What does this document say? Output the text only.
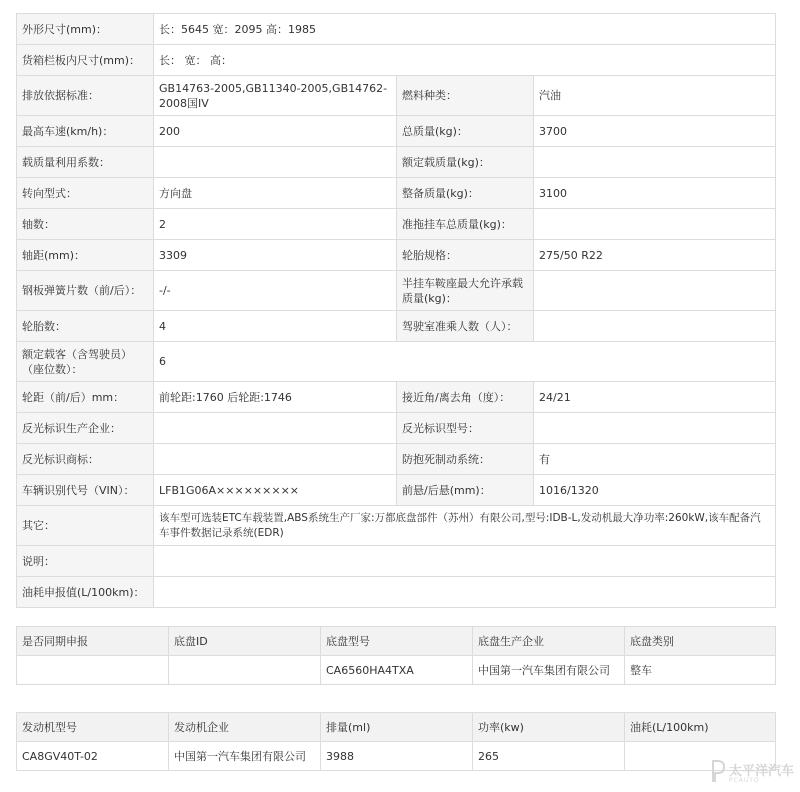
外形尺寸(mm)：	长：5645 宽：2095 高：1985		
货箱栏板内尺寸(mm)：	长： 宽： 高：		
排放依据标准：	GB14763-2005,GB11340-2005,GB14762-2008国IV	燃料种类：	汽油
最高车速(km/h)：	200	总质量(kg)：	3700
载质量利用系数：		额定载质量(kg)：	
转向型式：	方向盘	整备质量(kg)：	3100
轴数：	2	准拖挂车总质量(kg)：	
轴距(mm)：	3309	轮胎规格：	275/50 R22
钢板弹簧片数（前/后）：	-/-	半挂车鞍座最大允许承载质量(kg)：	
轮胎数：	4	驾驶室准乘人数（人）：	
额定载客（含驾驶员）（座位数）：	6		
轮距（前/后）mm：	前轮距:1760 后轮距:1746	接近角/离去角（度）：	24/21
反光标识生产企业：		反光标识型号：	
反光标识商标：		防抱死制动系统：	有
车辆识别代号（VIN）：	LFB1G06A×××××××××	前悬/后悬(mm)：	1016/1320
其它：	该车型可选装ETC车载装置,ABS系统生产厂家:万都底盘部件（苏州）有限公司,型号:IDB-L,发动机最大净功率:260kW,该车配备汽车事件数据记录系统(EDR)		
说明：			
油耗申报值(L/100km)：			
是否同期申报	底盘ID	底盘型号	底盘生产企业	底盘类别
		CA6560HA4TXA	中国第一汽车集团有限公司	整车
发动机型号	发动机企业	排量(ml)	功率(kw)	油耗(L/100km)
CA8GV40T-02	中国第一汽车集团有限公司	3988	265	
太平洋汽车
PCAUTO
